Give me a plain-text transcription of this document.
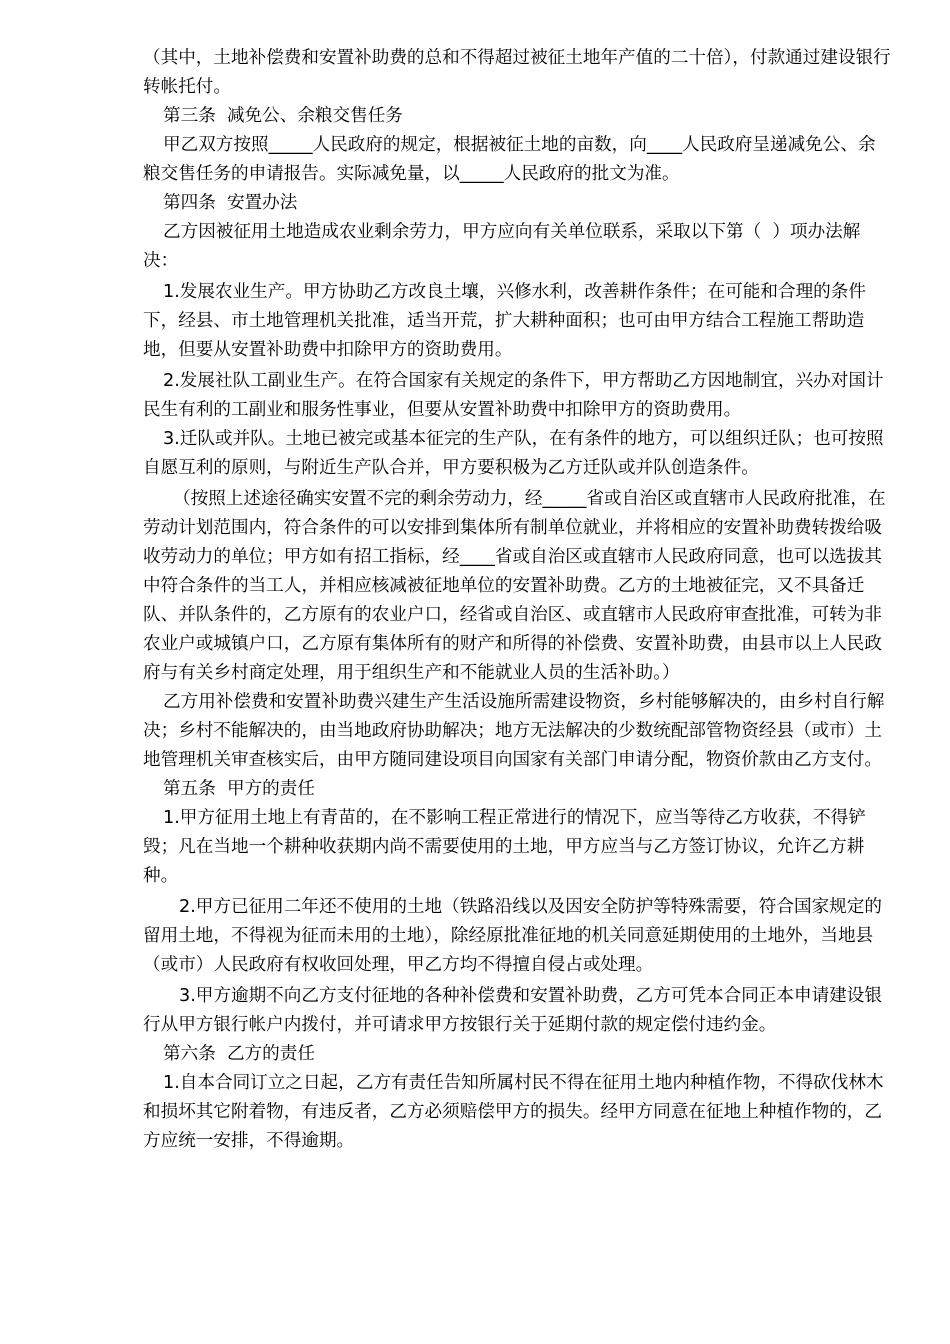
（其中，土地补偿费和安置补助费的总和不得超过被征土地年产值的二十倍），付款通过建设银行转帐托付。

第三条  减免公、余粮交售任务

甲乙双方按照_____人民政府的规定，根据被征土地的亩数，向____人民政府呈递减免公、余粮交售任务的申请报告。实际减免量，以_____人民政府的批文为准。

第四条  安置办法

乙方因被征用土地造成农业剩余劳力，甲方应向有关单位联系，采取以下第（  ）项办法解决：

1.发展农业生产。甲方协助乙方改良土壤，兴修水利，改善耕作条件；在可能和合理的条件下，经县、市土地管理机关批准，适当开荒，扩大耕种面积；也可由甲方结合工程施工帮助造地，但要从安置补助费中扣除甲方的资助费用。

2.发展社队工副业生产。在符合国家有关规定的条件下，甲方帮助乙方因地制宜，兴办对国计民生有利的工副业和服务性事业，但要从安置补助费中扣除甲方的资助费用。

3.迁队或并队。土地已被完或基本征完的生产队，在有条件的地方，可以组织迁队；也可按照自愿互利的原则，与附近生产队合并，甲方要积极为乙方迁队或并队创造条件。

（按照上述途径确实安置不完的剩余劳动力，经_____省或自治区或直辖市人民政府批准，在劳动计划范围内，符合条件的可以安排到集体所有制单位就业，并将相应的安置补助费转拨给吸收劳动力的单位；甲方如有招工指标，经____省或自治区或直辖市人民政府同意，也可以选拔其中符合条件的当工人，并相应核减被征地单位的安置补助费。乙方的土地被征完，又不具备迁队、并队条件的，乙方原有的农业户口，经省或自治区、或直辖市人民政府审查批准，可转为非农业户或城镇户口，乙方原有集体所有的财产和所得的补偿费、安置补助费，由县市以上人民政府与有关乡村商定处理，用于组织生产和不能就业人员的生活补助。）

乙方用补偿费和安置补助费兴建生产生活设施所需建设物资，乡村能够解决的，由乡村自行解决；乡村不能解决的，由当地政府协助解决；地方无法解决的少数统配部管物资经县（或市）土地管理机关审查核实后，由甲方随同建设项目向国家有关部门申请分配，物资价款由乙方支付。

第五条  甲方的责任

1.甲方征用土地上有青苗的，在不影响工程正常进行的情况下，应当等待乙方收获，不得铲毁；凡在当地一个耕种收获期内尚不需要使用的土地，甲方应当与乙方签订协议，允许乙方耕种。

2.甲方已征用二年还不使用的土地（铁路沿线以及因安全防护等特殊需要，符合国家规定的留用土地，不得视为征而未用的土地），除经原批准征地的机关同意延期使用的土地外，当地县（或市）人民政府有权收回处理，甲乙方均不得擅自侵占或处理。

3.甲方逾期不向乙方支付征地的各种补偿费和安置补助费，乙方可凭本合同正本申请建设银行从甲方银行帐户内拨付，并可请求甲方按银行关于延期付款的规定偿付违约金。

第六条  乙方的责任

1.自本合同订立之日起，乙方有责任告知所属村民不得在征用土地内种植作物，不得砍伐林木和损坏其它附着物，有违反者，乙方必须赔偿甲方的损失。经甲方同意在征地上种植作物的，乙方应统一安排，不得逾期。
